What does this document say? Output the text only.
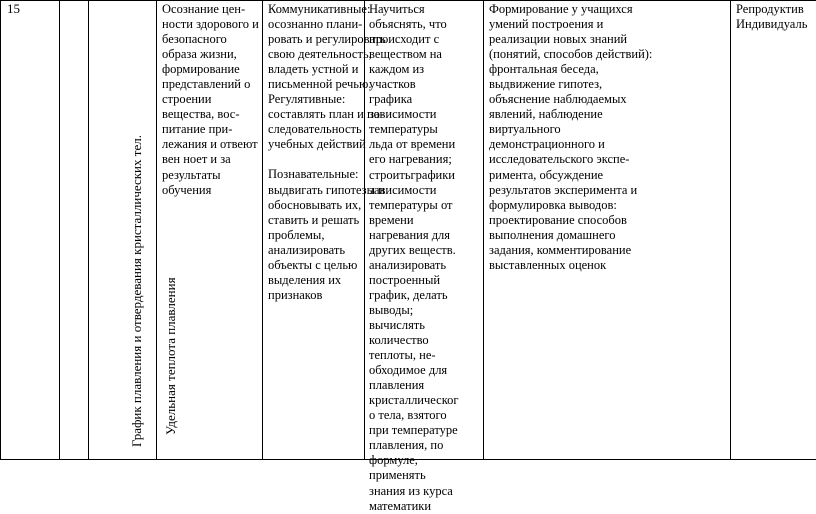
15

График плавления и отвердевания кристаллических тел. Удельная теплота плавления

Осознание цен-
ности здорового и
безопасного
образа жизни,
формирование
представлений о
строении
вещества, вос-
питание при-
лежания и отвеют
вен ноет и за
результаты
обучения
Коммуникативные:
осознанно плани-
ровать и регулировать
свою деятельность,
владеть устной и
письменной речью.
Регулятивные:
составлять план и по-
следовательность
учебных действий
Познавательные:
выдвигать гипотезы и
обосновывать их,
ставить и решать
проблемы,
анализировать
объекты с целью
выделения их
признаков
Научиться
объяснять, что
происходит с
веществом на
каждом из
участков
графика
зависимости
температуры
льда от времени
его нагревания;
строитьграфики
зависимости
температуры от
времени
нагревания для
других веществ.
анализировать
построенный
график, делать
выводы;
вычислять
количество
теплоты, не-
обходимое для
плавления
кристаллическог
о тела, взятого
при температуре
плавления, по
формуле,
применять
знания из курса
математики
Формирование у учащихся
умений построения и
реализации новых знаний
(понятий, способов действий):
фронтальная беседа,
выдвижение гипотез,
объяснение наблюдаемых
явлений, наблюдение
виртуального
демонстрационного и
исследовательского экспе-
римента, обсуждение
результатов эксперимента и
формулировка выводов:
проектирование способов
выполнения домашнего
задания, комментирование
выставленных оценок
Репродуктив
Индивидуаль
